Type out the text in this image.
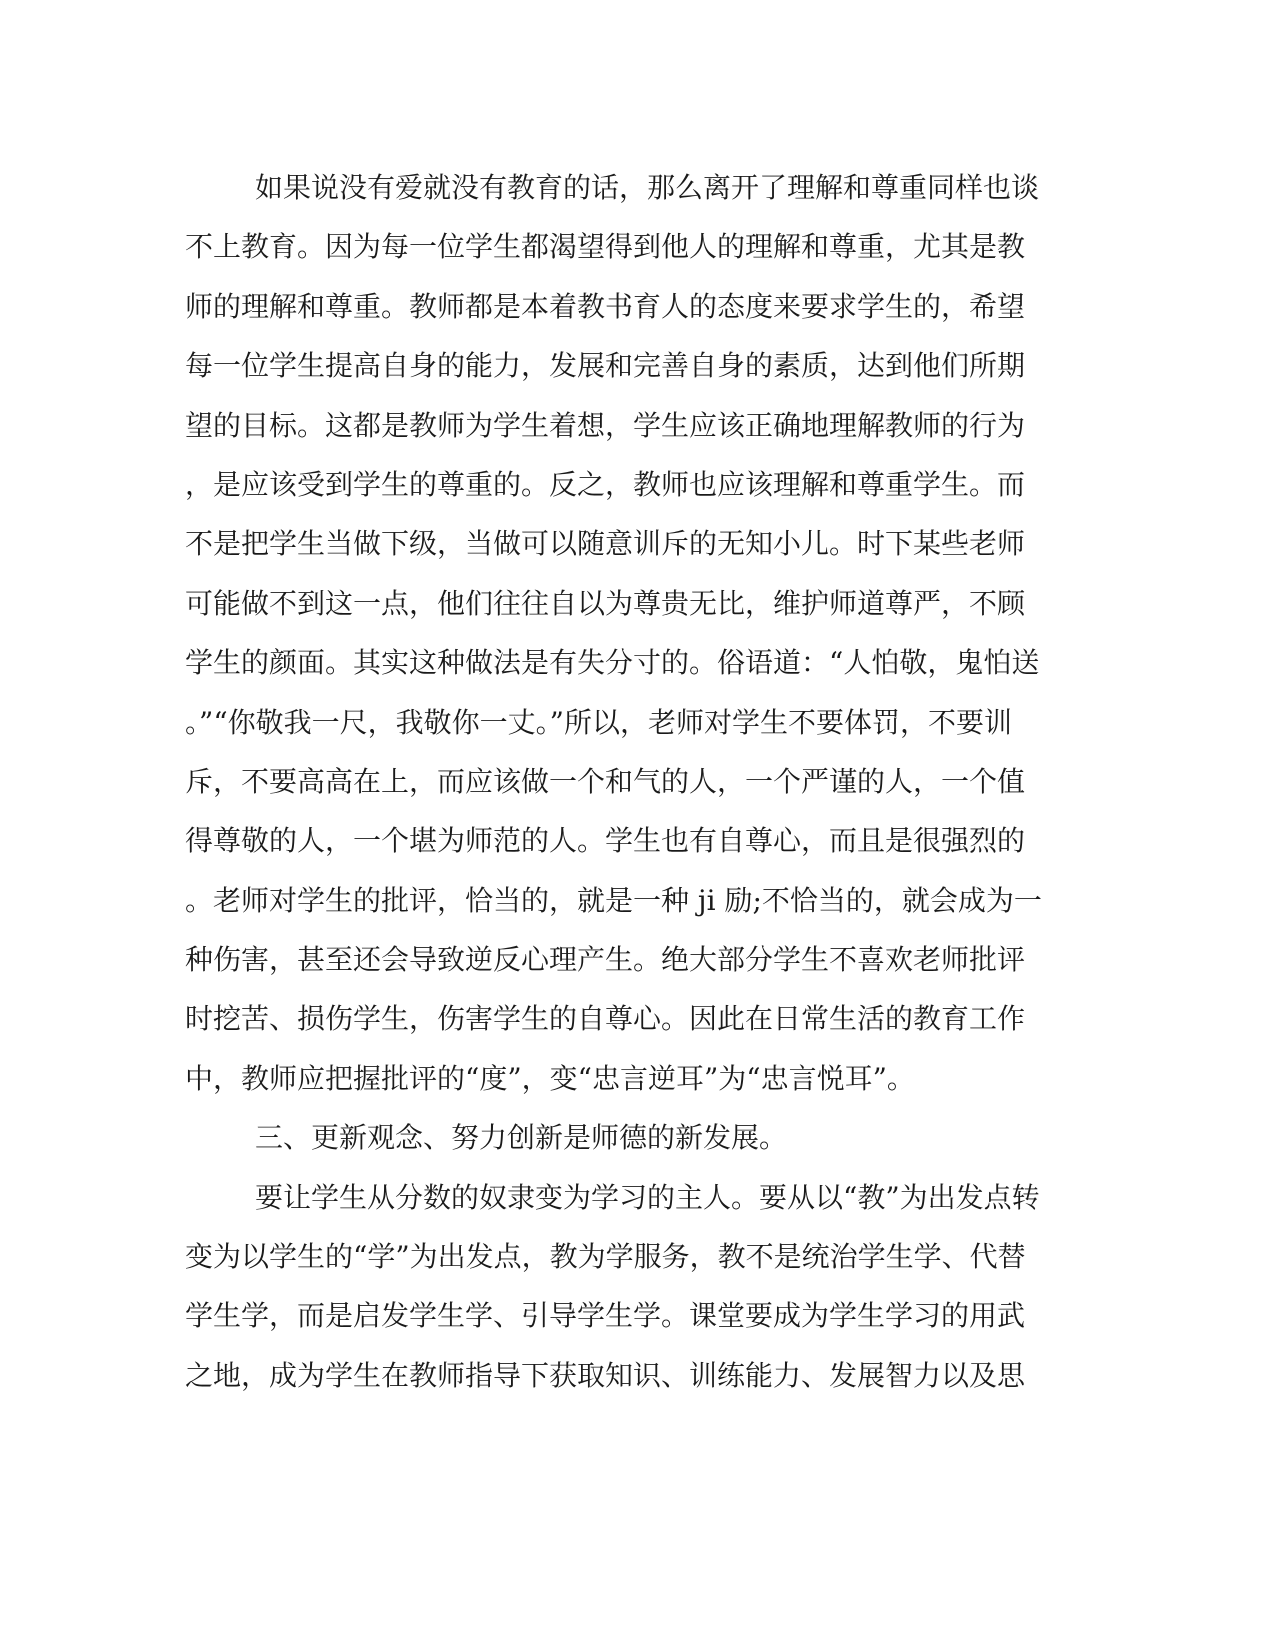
如果说没有爱就没有教育的话，那么离开了理解和尊重同样也谈
不上教育。因为每一位学生都渴望得到他人的理解和尊重，尤其是教
师的理解和尊重。教师都是本着教书育人的态度来要求学生的，希望
每一位学生提高自身的能力，发展和完善自身的素质，达到他们所期
望的目标。这都是教师为学生着想，学生应该正确地理解教师的行为
，是应该受到学生的尊重的。反之，教师也应该理解和尊重学生。而
不是把学生当做下级，当做可以随意训斥的无知小儿。时下某些老师
可能做不到这一点，他们往往自以为尊贵无比，维护师道尊严，不顾
学生的颜面。其实这种做法是有失分寸的。俗语道：“人怕敬，鬼怕送
。”“你敬我一尺，我敬你一丈。”所以，老师对学生不要体罚，不要训
斥，不要高高在上，而应该做一个和气的人，一个严谨的人，一个值
得尊敬的人，一个堪为师范的人。学生也有自尊心，而且是很强烈的
。老师对学生的批评，恰当的，就是一种 ji 励;不恰当的，就会成为一
种伤害，甚至还会导致逆反心理产生。绝大部分学生不喜欢老师批评
时挖苦、损伤学生，伤害学生的自尊心。因此在日常生活的教育工作
中，教师应把握批评的“度”，变“忠言逆耳”为“忠言悦耳”。
三、更新观念、努力创新是师德的新发展。
要让学生从分数的奴隶变为学习的主人。要从以“教”为出发点转
变为以学生的“学”为出发点，教为学服务，教不是统治学生学、代替
学生学，而是启发学生学、引导学生学。课堂要成为学生学习的用武
之地，成为学生在教师指导下获取知识、训练能力、发展智力以及思
